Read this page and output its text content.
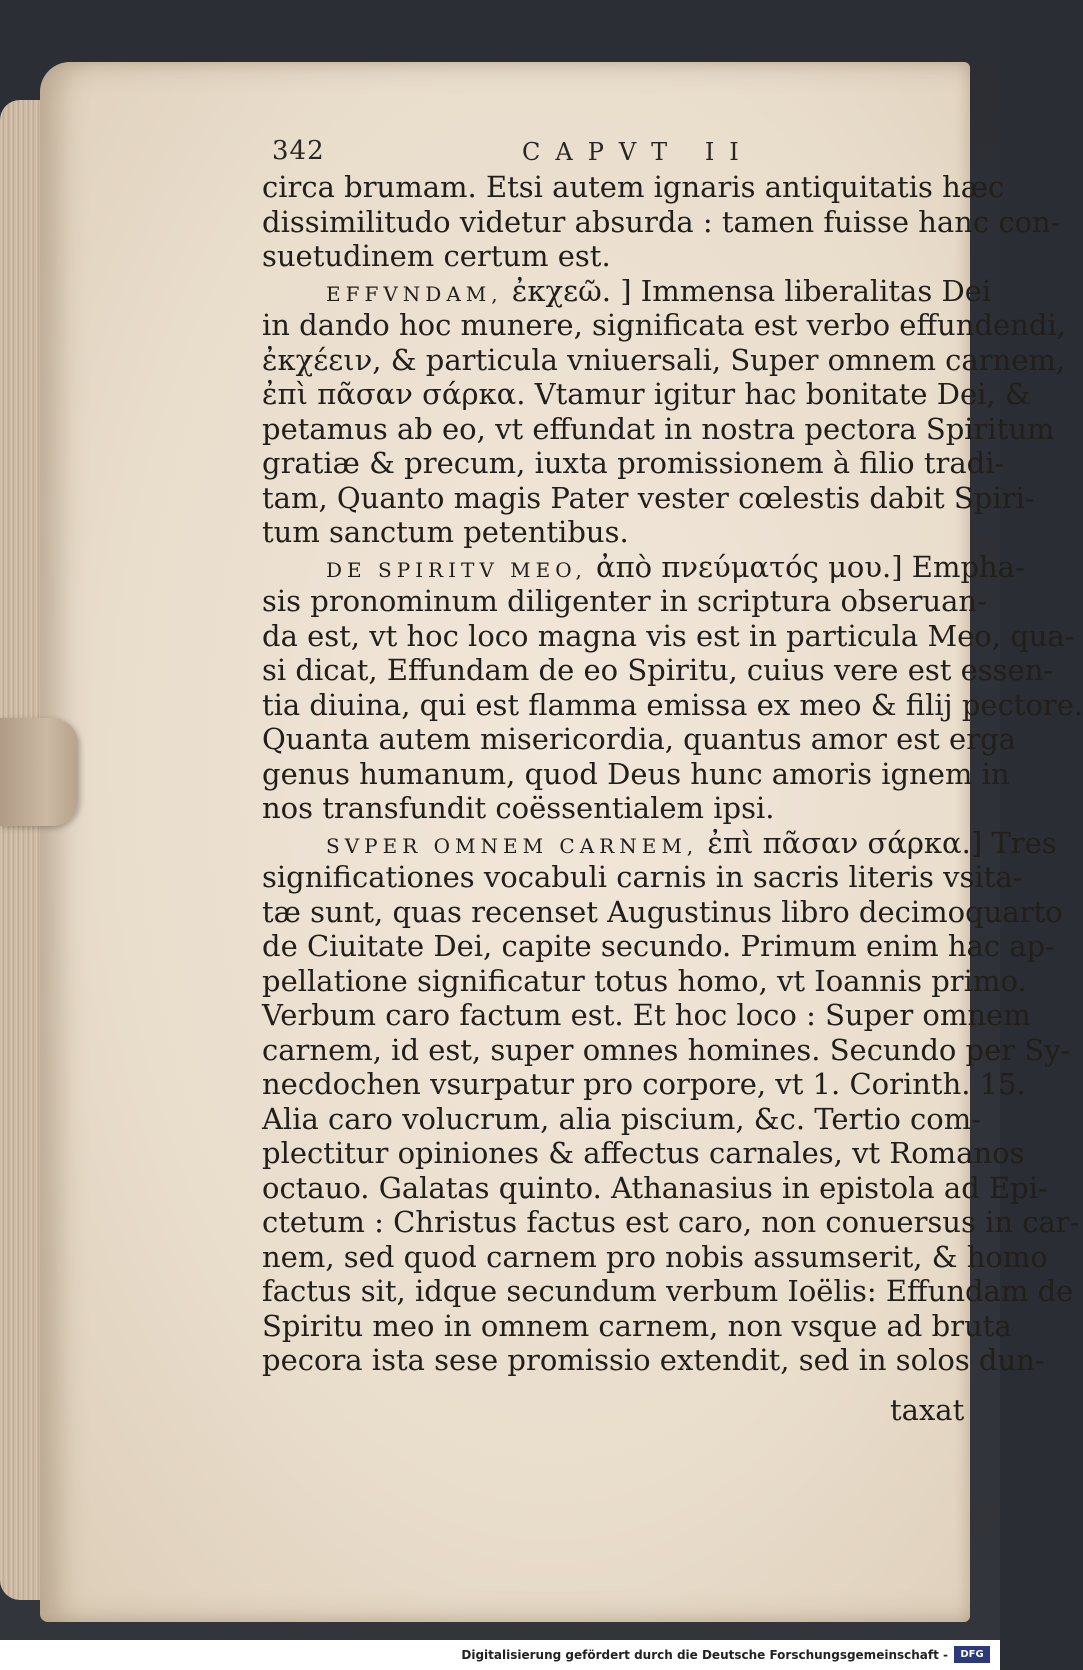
342	CAPVT II
circa brumam. Etsi autem ignaris antiquitatis hæc
dissimilitudo videtur absurda : tamen fuisse hanc con-
suetudinem certum est.
EFFVNDAM, ἐκχεῶ. ] Immensa liberalitas Dei
in dando hoc munere, significata est verbo effundendi,
ἐκχέειν, & particula vniuersali, Super omnem carnem,
ἐπὶ πᾶσαν σάρκα. Vtamur igitur hac bonitate Dei, &
petamus ab eo, vt effundat in nostra pectora Spiritum
gratiæ & precum, iuxta promissionem à filio tradi-
tam, Quanto magis Pater vester cœlestis dabit Spiri-
tum sanctum petentibus.
DE SPIRITV MEO, ἀπὸ πνεύματός μου.] Empha-
sis pronominum diligenter in scriptura obseruan-
da est, vt hoc loco magna vis est in particula Meo, qua-
si dicat, Effundam de eo Spiritu, cuius vere est essen-
tia diuina, qui est flamma emissa ex meo & filij pectore.
Quanta autem misericordia, quantus amor est erga
genus humanum, quod Deus hunc amoris ignem in
nos transfundit coëssentialem ipsi.
SVPER OMNEM CARNEM, ἐπὶ πᾶσαν σάρκα.] Tres
significationes vocabuli carnis in sacris literis vsita-
tæ sunt, quas recenset Augustinus libro decimoquarto
de Ciuitate Dei, capite secundo. Primum enim hac ap-
pellatione significatur totus homo, vt Ioannis primo.
Verbum caro factum est. Et hoc loco : Super omnem
carnem, id est, super omnes homines. Secundo per Sy-
necdochen vsurpatur pro corpore, vt 1. Corinth. 15.
Alia caro volucrum, alia piscium, &c. Tertio com-
plectitur opiniones & affectus carnales, vt Romanos
octauo. Galatas quinto. Athanasius in epistola ad Epi-
ctetum : Christus factus est caro, non conuersus in car-
nem, sed quod carnem pro nobis assumserit, & homo
factus sit, idque secundum verbum Ioëlis: Effundam de
Spiritu meo in omnem carnem, non vsque ad bruta
pecora ista sese promissio extendit, sed in solos dun-
taxat
Digitalisierung gefördert durch die Deutsche Forschungsgemeinschaft -	DFG
